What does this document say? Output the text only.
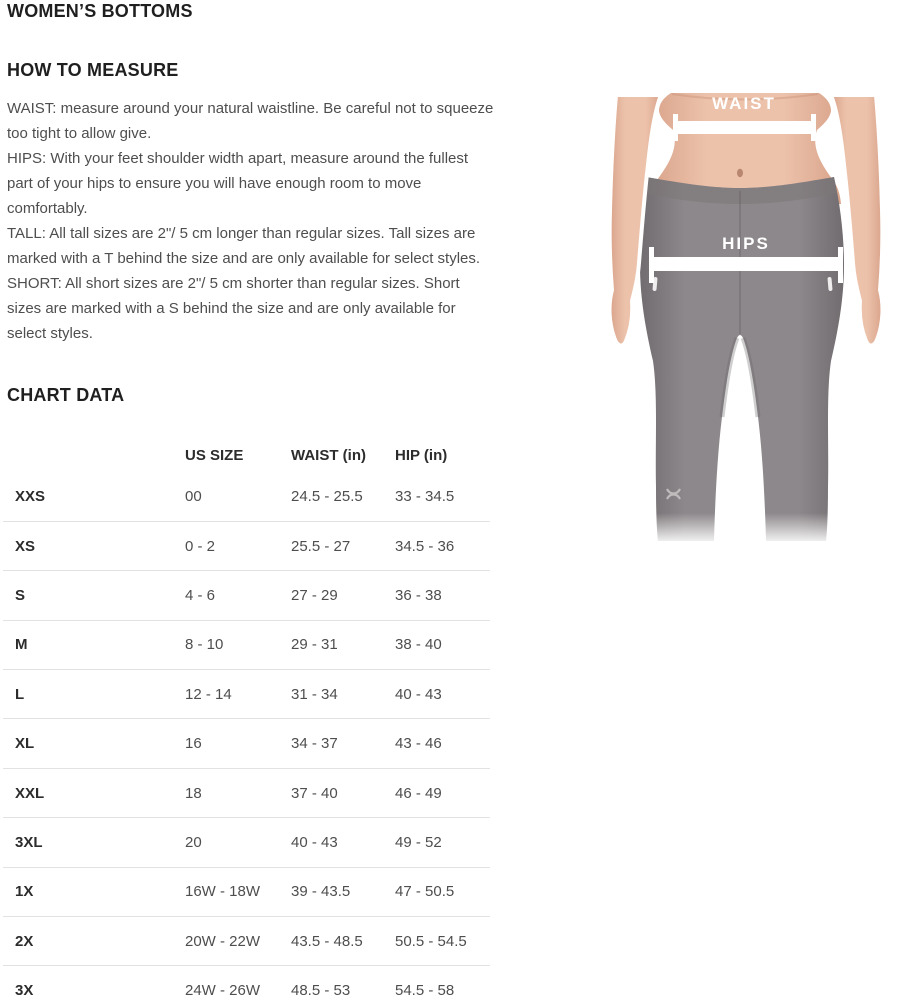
WOMEN’S BOTTOMS
HOW TO MEASURE

WAIST: measure around your natural waistline. Be careful not to squeeze too tight to allow give.

HIPS: With your feet shoulder width apart, measure around the fullest part of your hips to ensure you will have enough room to move comfortably.

TALL: All tall sizes are 2"/ 5 cm longer than regular sizes. Tall sizes are marked with a T behind the size and are only available for select styles.

SHORT: All short sizes are 2"/ 5 cm shorter than regular sizes. Short sizes are marked with a S behind the size and are only available for select styles.

CHART DATA
	US SIZE	WAIST (in)	HIP (in)
XXS	00	24.5 - 25.5	33 - 34.5
XS	0 - 2	25.5 - 27	34.5 - 36
S	4 - 6	27 - 29	36 - 38
M	8 - 10	29 - 31	38 - 40
L	12 - 14	31 - 34	40 - 43
XL	16	34 - 37	43 - 46
XXL	18	37 - 40	46 - 49
3XL	20	40 - 43	49 - 52
1X	16W - 18W	39 - 43.5	47 - 50.5
2X	20W - 22W	43.5 - 48.5	50.5 - 54.5
3X	24W - 26W	48.5 - 53	54.5 - 58
WAIST
HIPS
